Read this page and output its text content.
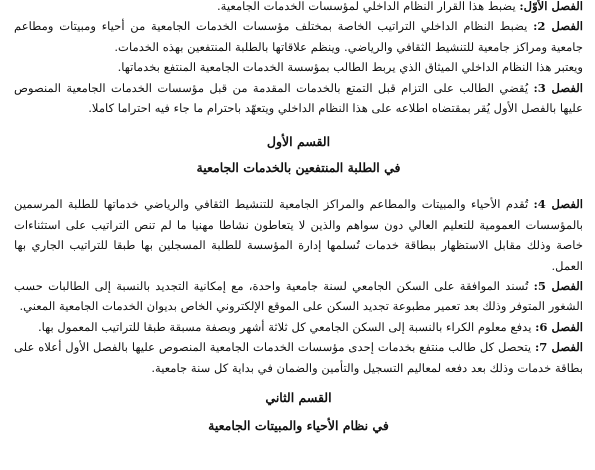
الفصل الأوّل: يضبط هذا القرار النظام الداخلي لمؤسسات الخدمات الجامعية.

الفصل 2: يضبط النظام الداخلي التراتيب الخاصة بمختلف مؤسسات الخدمات الجامعية من أحياء ومبيتات ومطاعم جامعية ومراكز جامعية للتنشيط الثقافي والرياضي. وينظم علاقاتها بالطلبة المنتفعين بهذه الخدمات.

ويعتبر هذا النظام الداخلي الميثاق الذي يربط الطالب بمؤسسة الخدمات الجامعية المنتفع بخدماتها.

الفصل 3: يُقضي الطالب على التزام قبل التمتع بالخدمات المقدمة من قبل مؤسسات الخدمات الجامعية المنصوص عليها بالفصل الأول يُقر بمقتضاه اطلاعه على هذا النظام الداخلي ويتعهّد باحترام ما جاء فيه احتراما كاملا.

القسم الأول

في الطلبة المنتفعين بالخدمات الجامعية

الفصل 4: تُقدم الأحياء والمبيتات والمطاعم والمراكز الجامعية للتنشيط الثقافي والرياضي خدماتها للطلبة المرسمين بالمؤسسات العمومية للتعليم العالي دون سواهم والذين لا يتعاطون نشاطا مهنيا ما لم تنص التراتيب على استثناءات خاصة وذلك مقابل الاستظهار ببطاقة خدمات تُسلمها إدارة المؤسسة للطلبة المسجلين بها طبقا للتراتيب الجاري بها العمل.

الفصل 5: تُسند الموافقة على السكن الجامعي لسنة جامعية واحدة، مع إمكانية التجديد بالنسبة إلى الطالبات حسب الشغور المتوفر وذلك بعد تعمير مطبوعة تجديد السكن على الموقع الإلكتروني الخاص بديوان الخدمات الجامعية المعني.

الفصل 6: يدفع معلوم الكراء بالنسبة إلى السكن الجامعي كل ثلاثة أشهر وبصفة مسبقة طبقا للتراتيب المعمول بها.

الفصل 7: يتحصل كل طالب منتفع بخدمات إحدى مؤسسات الخدمات الجامعية المنصوص عليها بالفصل الأول أعلاه على بطاقة خدمات وذلك بعد دفعه لمعاليم التسجيل والتأمين والضمان في بداية كل سنة جامعية.

القسم الثاني

في نظام الأحياء والمبيتات الجامعية
